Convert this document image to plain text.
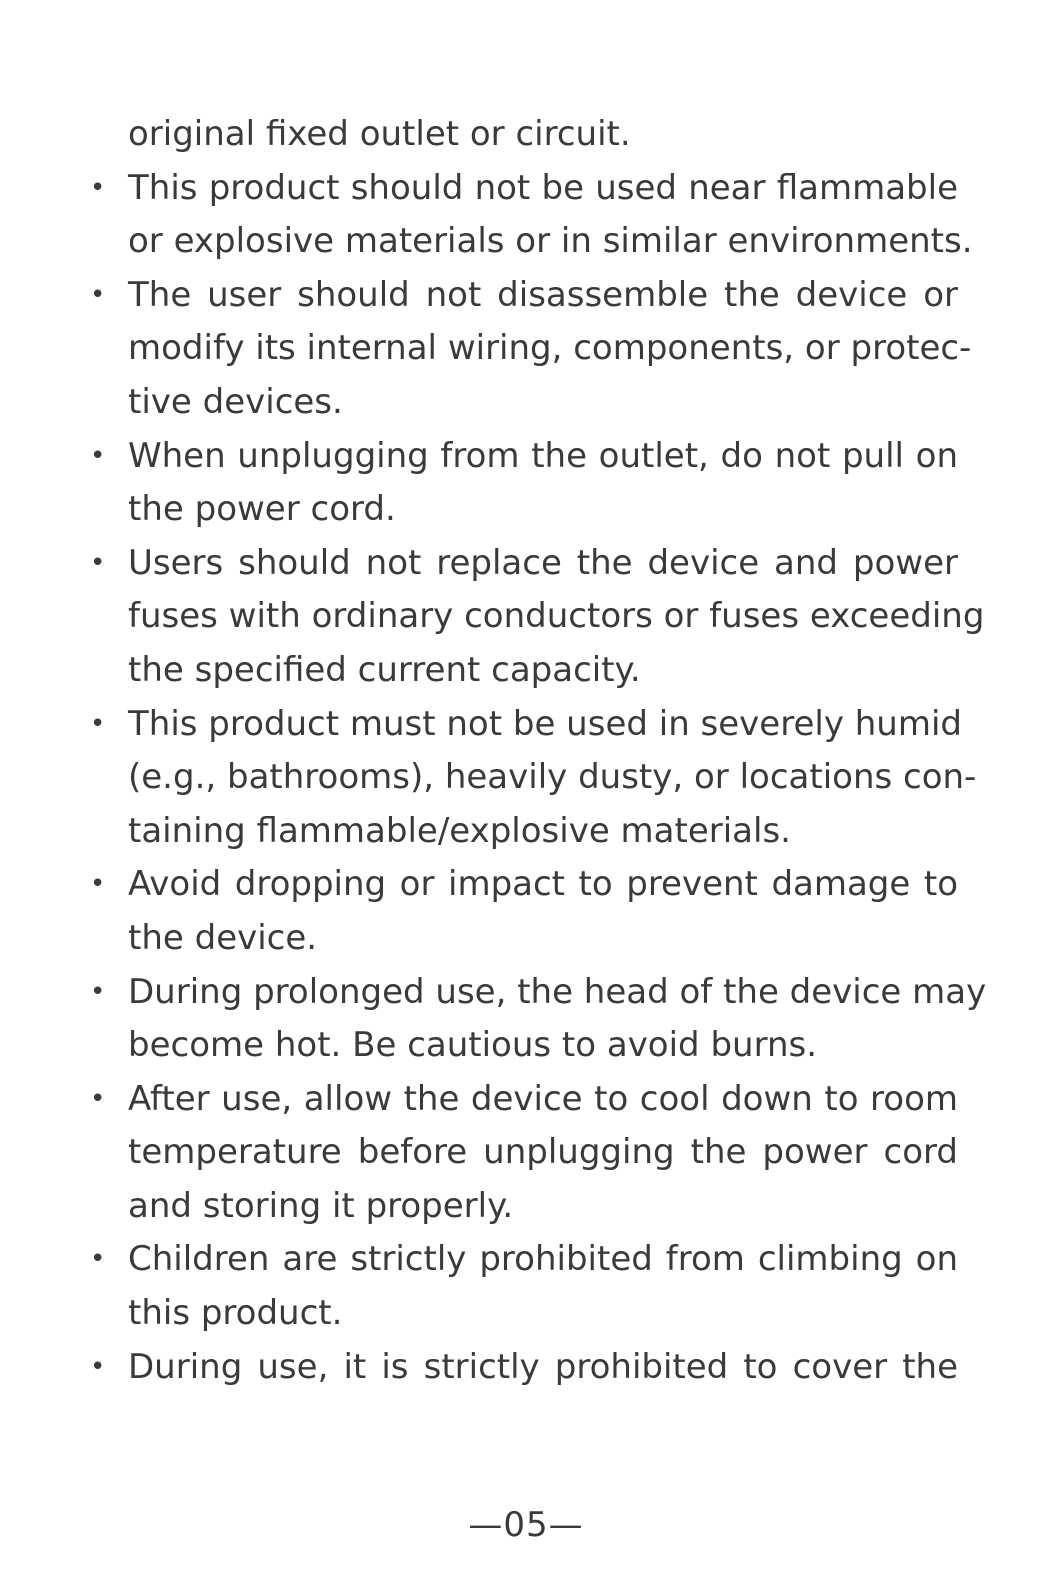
original fixed outlet or circuit.
• This product should not be used near flammable
or explosive materials or in similar environments.
• The user should not disassemble the device or
modify its internal wiring, components, or protec-
tive devices.
• When unplugging from the outlet, do not pull on
the power cord.
• Users should not replace the device and power
fuses with ordinary conductors or fuses exceeding
the specified current capacity.
• This product must not be used in severely humid
(e.g., bathrooms), heavily dusty, or locations con-
taining flammable/explosive materials.
• Avoid dropping or impact to prevent damage to
the device.
• During prolonged use, the head of the device may
become hot. Be cautious to avoid burns.
• After use, allow the device to cool down to room
temperature before unplugging the power cord
and storing it properly.
• Children are strictly prohibited from climbing on
this product.
• During use, it is strictly prohibited to cover the
—05—
